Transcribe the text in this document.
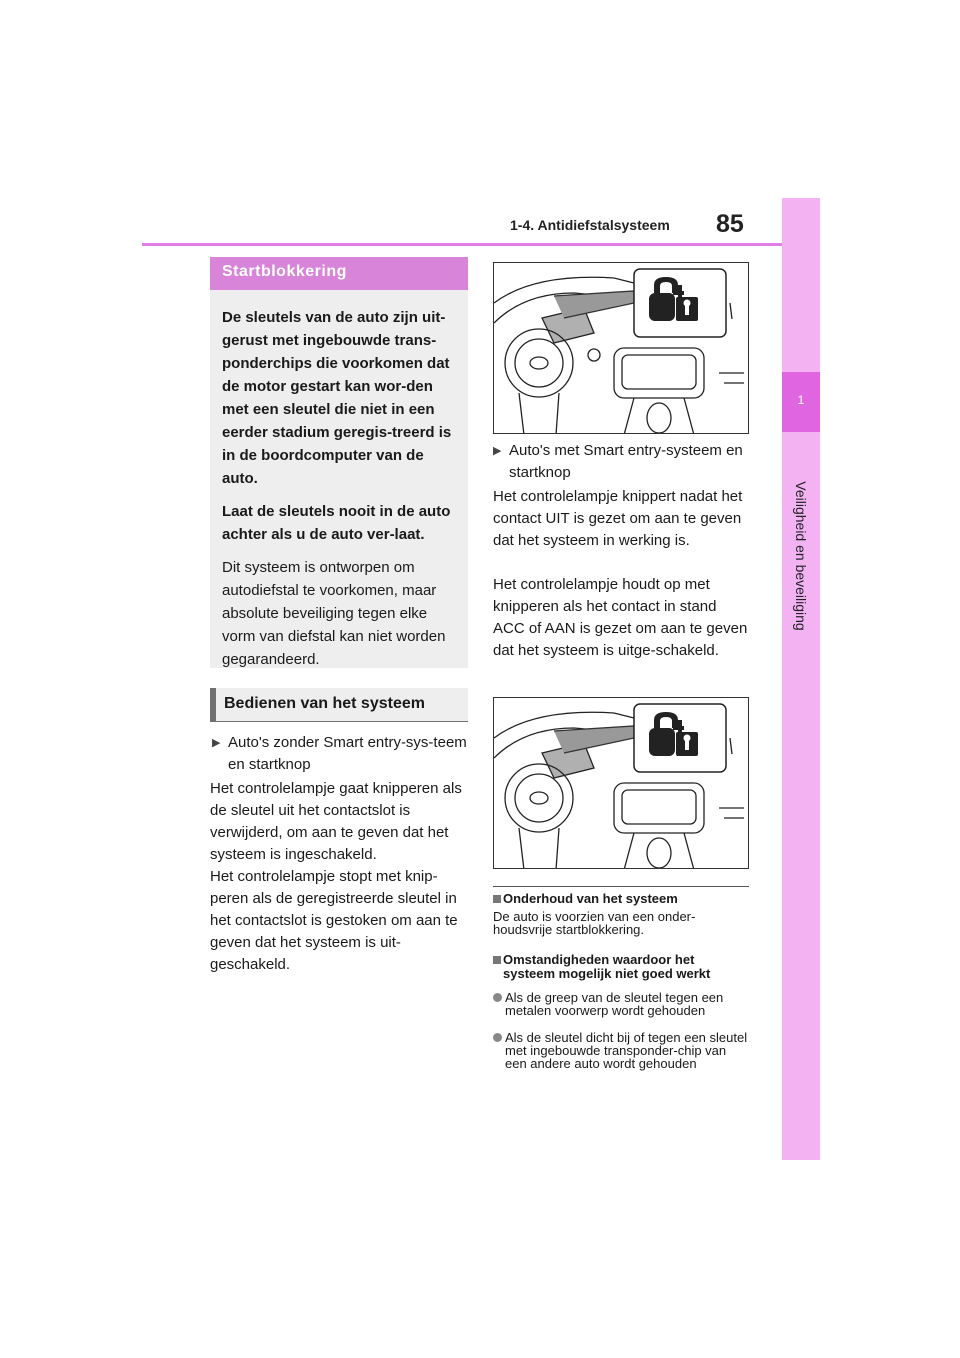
1-4. Antidiefstalsysteem 85
1
Veiligheid en beveiliging
Startblokkering

De sleutels van de auto zijn uit-gerust met ingebouwde trans-ponderchips die voorkomen dat de motor gestart kan wor-den met een sleutel die niet in een eerder stadium geregis-treerd is in de boordcomputer van de auto.

Laat de sleutels nooit in de auto achter als u de auto ver-laat.

Dit systeem is ontworpen om autodiefstal te voorkomen, maar absolute beveiliging tegen elke vorm van diefstal kan niet worden gegarandeerd.

Bedienen van het systeem
▶ Auto's zonder Smart entry-sys-teem en startknop
Het controlelampje gaat knipperen als de sleutel uit het contactslot is verwijderd, om aan te geven dat het systeem is ingeschakeld.
Het controlelampje stopt met knip-peren als de geregistreerde sleutel in het contactslot is gestoken om aan te geven dat het systeem is uit-geschakeld.
▶ Auto's met Smart entry-systeem en startknop
Het controlelampje knippert nadat het contact UIT is gezet om aan te geven dat het systeem in werking is.
Het controlelampje houdt op met knipperen als het contact in stand ACC of AAN is gezet om aan te geven dat het systeem is uitge-schakeld.
Onderhoud van het systeem
De auto is voorzien van een onder-houdsvrije startblokkering.
Omstandigheden waardoor het systeem mogelijk niet goed werkt
Als de greep van de sleutel tegen een metalen voorwerp wordt gehouden
Als de sleutel dicht bij of tegen een sleutel met ingebouwde transponder-chip van een andere auto wordt gehouden
